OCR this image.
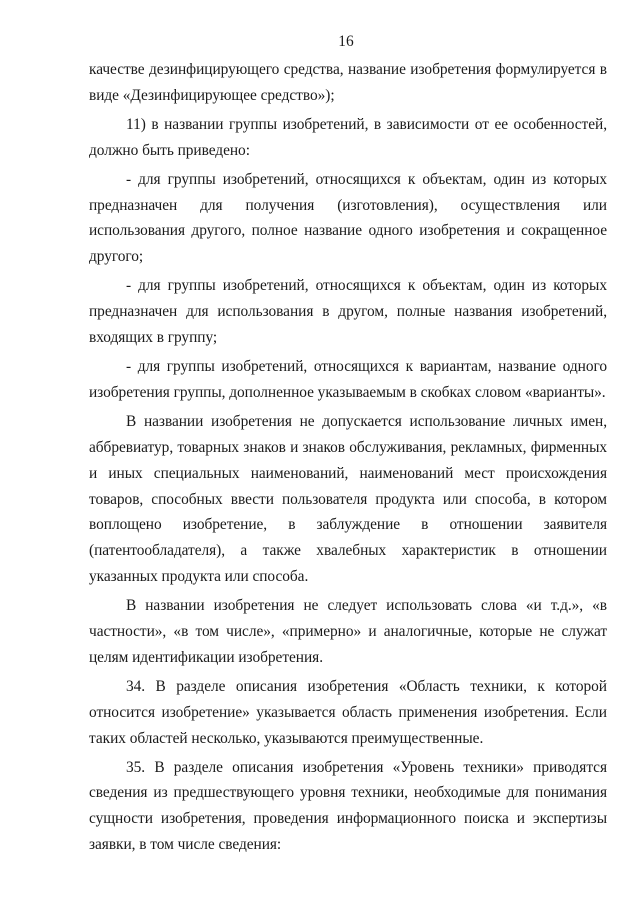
16

качестве дезинфицирующего средства, название изобретения формулируется в виде «Дезинфицирующее средство»);

11) в названии группы изобретений, в зависимости от ее особенностей, должно быть приведено:

- для группы изобретений, относящихся к объектам, один из которых предназначен для получения (изготовления), осуществления или использования другого, полное название одного изобретения и сокращенное другого;

- для группы изобретений, относящихся к объектам, один из которых предназначен для использования в другом, полные названия изобретений, входящих в группу;

- для группы изобретений, относящихся к вариантам, название одного изобретения группы, дополненное указываемым в скобках словом «варианты».

В названии изобретения не допускается использование личных имен, аббревиатур, товарных знаков и знаков обслуживания, рекламных, фирменных и иных специальных наименований, наименований мест происхождения товаров, способных ввести пользователя продукта или способа, в котором воплощено изобретение, в заблуждение в отношении заявителя (патентообладателя), а также хвалебных характеристик в отношении указанных продукта или способа.

В названии изобретения не следует использовать слова «и т.д.», «в частности», «в том числе», «примерно» и аналогичные, которые не служат целям идентификации изобретения.

34. В разделе описания изобретения «Область техники, к которой относится изобретение» указывается область применения изобретения. Если таких областей несколько, указываются преимущественные.

35. В разделе описания изобретения «Уровень техники» приводятся сведения из предшествующего уровня техники, необходимые для понимания сущности изобретения, проведения информационного поиска и экспертизы заявки, в том числе сведения:
